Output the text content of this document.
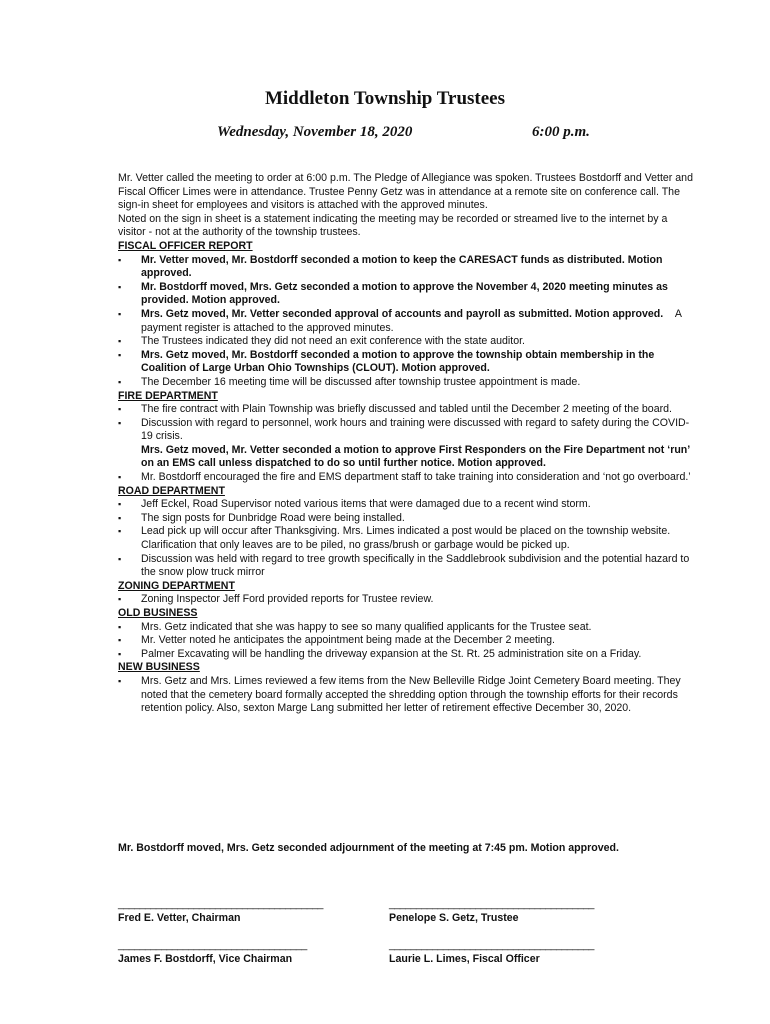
Middleton Township Trustees
Wednesday, November 18, 2020	6:00 p.m.

Mr. Vetter called the meeting to order at 6:00 p.m. The Pledge of Allegiance was spoken. Trustees Bostdorff and Vetter and Fiscal Officer Limes were in attendance. Trustee Penny Getz was in attendance at a remote site on conference call. The sign-in sheet for employees and visitors is attached with the approved minutes.

Noted on the sign in sheet is a statement indicating the meeting may be recorded or streamed live to the internet by a visitor - not at the authority of the township trustees.

FISCAL OFFICER REPORT
▪ Mr. Vetter moved, Mr. Bostdorff seconded a motion to keep the CARESACT funds as distributed. Motion approved.
▪ Mr. Bostdorff moved, Mrs. Getz seconded a motion to approve the November 4, 2020 meeting minutes as provided. Motion approved.
▪ Mrs. Getz moved, Mr. Vetter seconded approval of accounts and payroll as submitted. Motion approved. A payment register is attached to the approved minutes.
▪ The Trustees indicated they did not need an exit conference with the state auditor.
▪ Mrs. Getz moved, Mr. Bostdorff seconded a motion to approve the township obtain membership in the Coalition of Large Urban Ohio Townships (CLOUT). Motion approved.
▪ The December 16 meeting time will be discussed after township trustee appointment is made.
FIRE DEPARTMENT
▪ The fire contract with Plain Township was briefly discussed and tabled until the December 2 meeting of the board.
▪ Discussion with regard to personnel, work hours and training were discussed with regard to safety during the COVID-19 crisis.
Mrs. Getz moved, Mr. Vetter seconded a motion to approve First Responders on the Fire Department not ‘run’ on an EMS call unless dispatched to do so until further notice. Motion approved.
▪ Mr. Bostdorff encouraged the fire and EMS department staff to take training into consideration and ‘not go overboard.’
ROAD DEPARTMENT
▪ Jeff Eckel, Road Supervisor noted various items that were damaged due to a recent wind storm.
▪ The sign posts for Dunbridge Road were being installed.
▪ Lead pick up will occur after Thanksgiving. Mrs. Limes indicated a post would be placed on the township website. Clarification that only leaves are to be piled, no grass/brush or garbage would be picked up.
▪ Discussion was held with regard to tree growth specifically in the Saddlebrook subdivision and the potential hazard to the snow plow truck mirror
ZONING DEPARTMENT
▪ Zoning Inspector Jeff Ford provided reports for Trustee review.
OLD BUSINESS
▪ Mrs. Getz indicated that she was happy to see so many qualified applicants for the Trustee seat.
▪ Mr. Vetter noted he anticipates the appointment being made at the December 2 meeting.
▪ Palmer Excavating will be handling the driveway expansion at the St. Rt. 25 administration site on a Friday.
NEW BUSINESS
▪ Mrs. Getz and Mrs. Limes reviewed a few items from the New Belleville Ridge Joint Cemetery Board meeting. They noted that the cemetery board formally accepted the shredding option through the township efforts for their records retention policy. Also, sexton Marge Lang submitted her letter of retirement effective December 30, 2020.
Mr. Bostdorff moved, Mrs. Getz seconded adjournment of the meeting at 7:45 pm. Motion approved.
______________________________________
Fred E. Vetter, Chairman
______________________________________
Penelope S. Getz, Trustee
___________________________________
James F. Bostdorff, Vice Chairman
______________________________________
Laurie L. Limes, Fiscal Officer
